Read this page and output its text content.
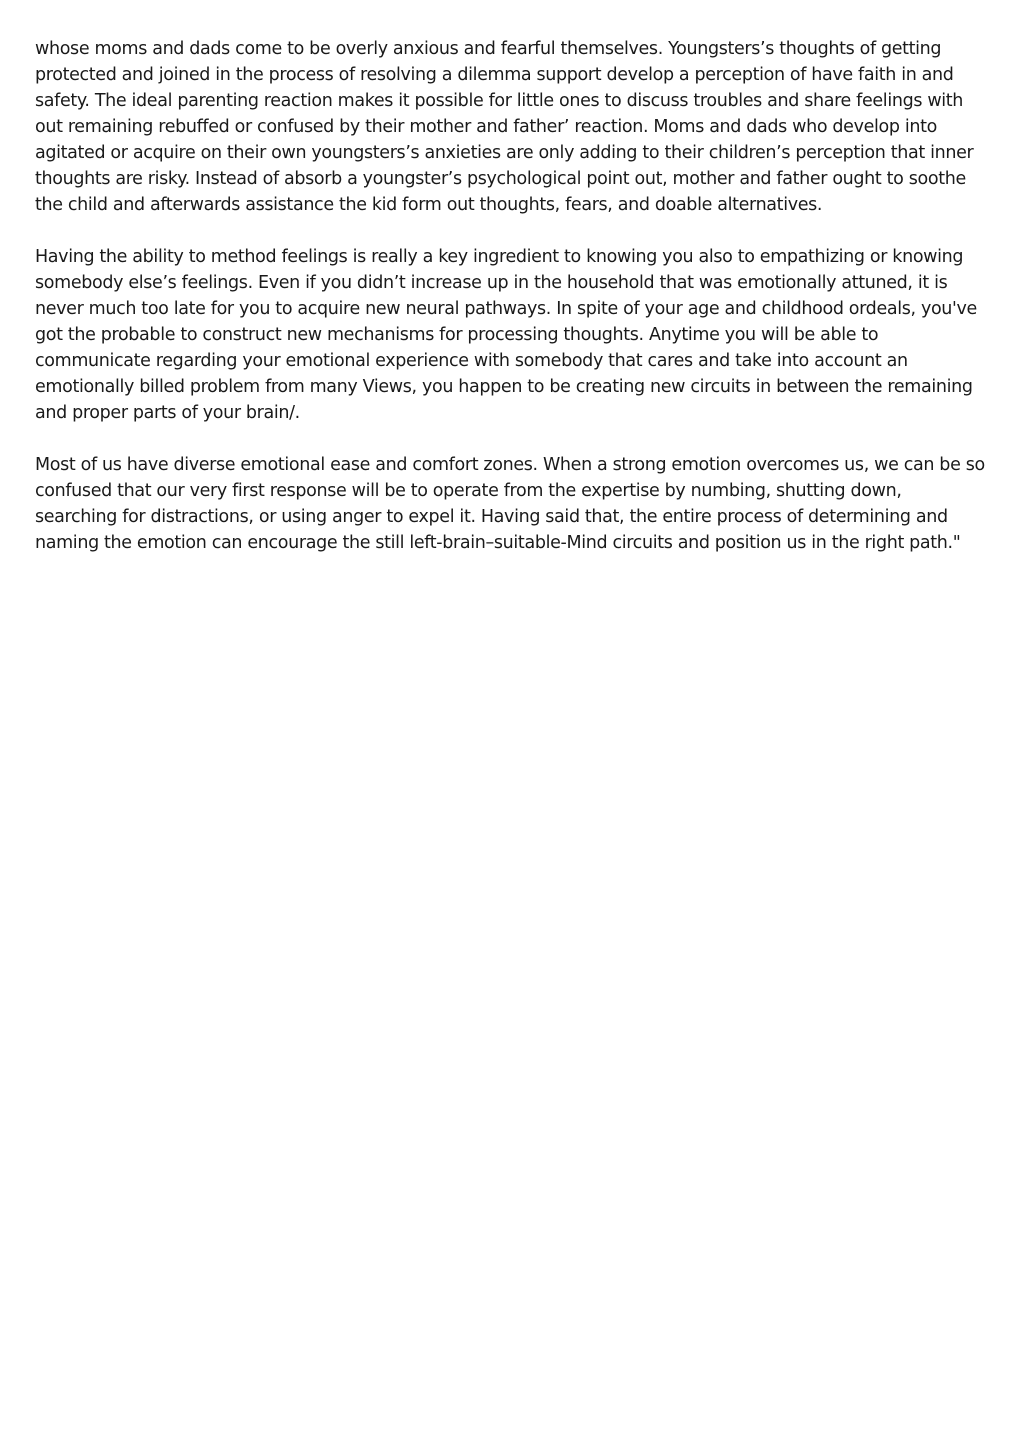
whose moms and dads come to be overly anxious and fearful themselves. Youngsters’s thoughts of getting protected and joined in the process of resolving a dilemma support develop a perception of have faith in and safety. The ideal parenting reaction makes it possible for little ones to discuss troubles and share feelings with out remaining rebuffed or confused by their mother and father’ reaction. Moms and dads who develop into agitated or acquire on their own youngsters’s anxieties are only adding to their children’s perception that inner thoughts are risky. Instead of absorb a youngster’s psychological point out, mother and father ought to soothe the child and afterwards assistance the kid form out thoughts, fears, and doable alternatives.

Having the ability to method feelings is really a key ingredient to knowing you also to empathizing or knowing somebody else’s feelings. Even if you didn’t increase up in the household that was emotionally attuned, it is never much too late for you to acquire new neural pathways. In spite of your age and childhood ordeals, you've got the probable to construct new mechanisms for processing thoughts. Anytime you will be able to communicate regarding your emotional experience with somebody that cares and take into account an emotionally billed problem from many Views, you happen to be creating new circuits in between the remaining and proper parts of your brain/.

Most of us have diverse emotional ease and comfort zones. When a strong emotion overcomes us, we can be so confused that our very first response will be to operate from the expertise by numbing, shutting down, searching for distractions, or using anger to expel it. Having said that, the entire process of determining and naming the emotion can encourage the still left-brain–suitable-Mind circuits and position us in the right path."
